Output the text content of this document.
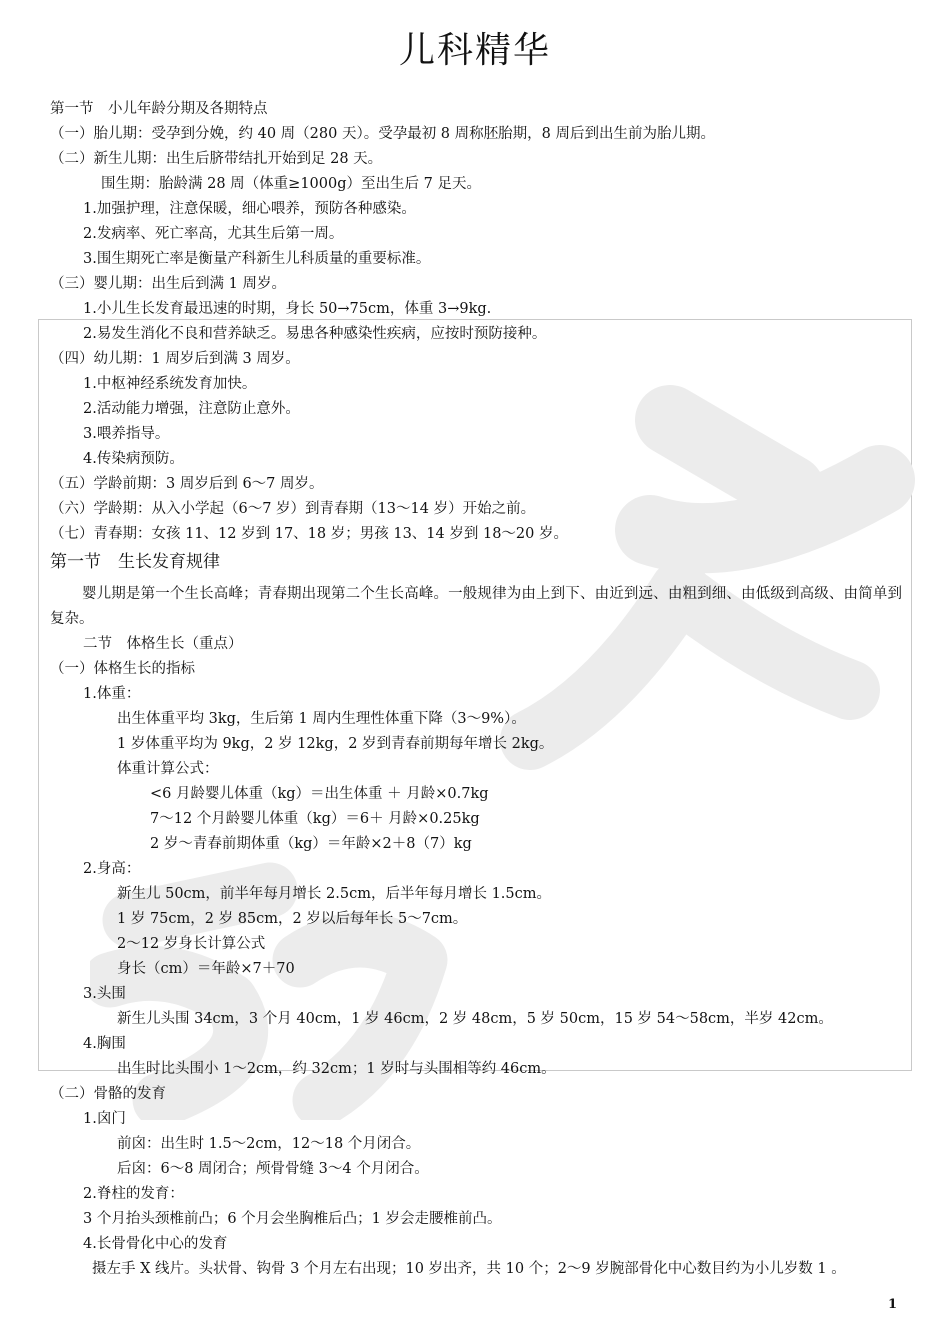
儿科精华
第一节　小儿年龄分期及各期特点
（一）胎儿期：受孕到分娩，约 40 周（280 天）。受孕最初 8 周称胚胎期，8 周后到出生前为胎儿期。
（二）新生儿期：出生后脐带结扎开始到足 28 天。
围生期：胎龄满 28 周（体重≥1000g）至出生后 7 足天。
1.加强护理，注意保暖，细心喂养，预防各种感染。
2.发病率、死亡率高，尤其生后第一周。
3.围生期死亡率是衡量产科新生儿科质量的重要标准。
（三）婴儿期：出生后到满 1 周岁。
1.小儿生长发育最迅速的时期，身长 50→75cm，体重 3→9kg.
2.易发生消化不良和营养缺乏。易患各种感染性疾病，应按时预防接种。
（四）幼儿期：1 周岁后到满 3 周岁。
1.中枢神经系统发育加快。
2.活动能力增强，注意防止意外。
3.喂养指导。
4.传染病预防。
（五）学龄前期：3 周岁后到 6～7 周岁。
（六）学龄期：从入小学起（6～7 岁）到青春期（13～14 岁）开始之前。
（七）青春期：女孩 11、12 岁到 17、18 岁；男孩 13、14 岁到 18～20 岁。
第一节　生长发育规律
婴儿期是第一个生长高峰；青春期出现第二个生长高峰。一般规律为由上到下、由近到远、由粗到细、由低级到高级、由简单到复杂。
二节　体格生长（重点）
（一）体格生长的指标
1.体重：
出生体重平均 3kg，生后第 1 周内生理性体重下降（3～9%）。
1 岁体重平均为 9kg，2 岁 12kg，2 岁到青春前期每年增长 2kg。
体重计算公式：
<6 月龄婴儿体重（kg）＝出生体重 ＋ 月龄×0.7kg
7～12 个月龄婴儿体重（kg）＝6＋ 月龄×0.25kg
2 岁～青春前期体重（kg）＝年龄×2＋8（7）kg
2.身高：
新生儿 50cm，前半年每月增长 2.5cm，后半年每月增长 1.5cm。
1 岁 75cm，2 岁 85cm，2 岁以后每年长 5～7cm。
2～12 岁身长计算公式
身长（cm）＝年龄×7＋70
3.头围
新生儿头围 34cm，3 个月 40cm，1 岁 46cm，2 岁 48cm，5 岁 50cm，15 岁 54～58cm，半岁 42cm。
4.胸围
出生时比头围小 1～2cm，约 32cm；1 岁时与头围相等约 46cm。
（二）骨骼的发育
1.囟门
前囟：出生时 1.5～2cm，12～18 个月闭合。
后囟：6～8 周闭合；颅骨骨缝 3～4 个月闭合。
2.脊柱的发育：
3 个月抬头颈椎前凸；6 个月会坐胸椎后凸；1 岁会走腰椎前凸。
4.长骨骨化中心的发育
摄左手 X 线片。头状骨、钩骨 3 个月左右出现；10 岁出齐，共 10 个；2～9 岁腕部骨化中心数目约为小儿岁数 1 。
1
